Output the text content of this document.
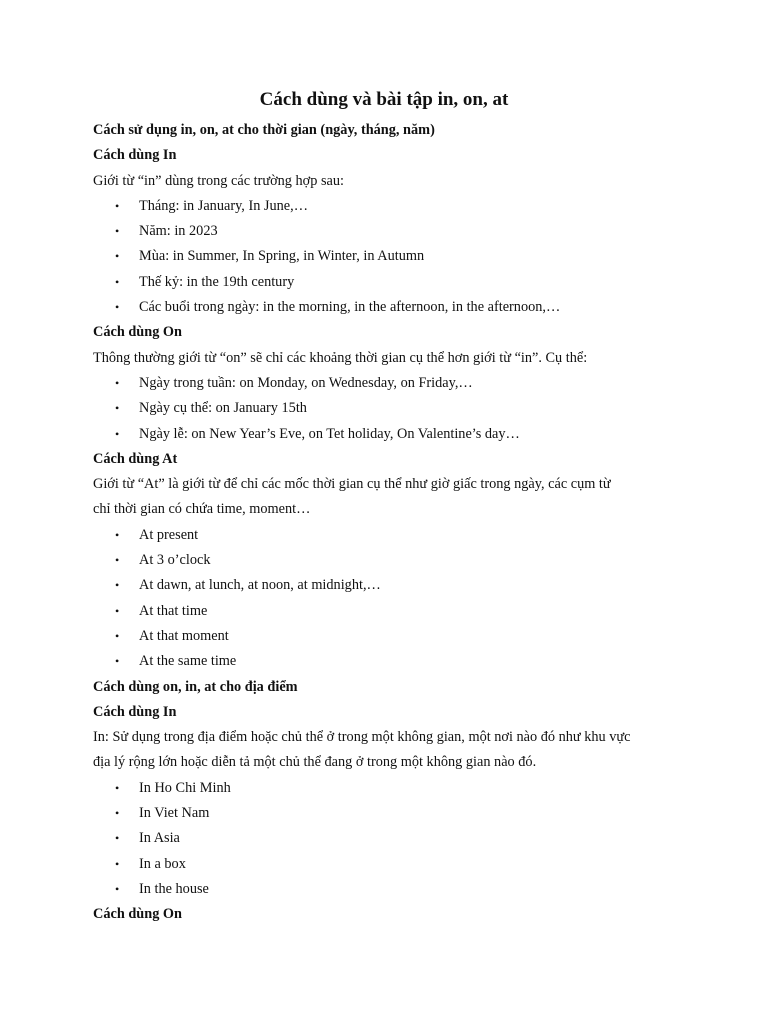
Cách dùng và bài tập in, on, at

Cách sử dụng in, on, at cho thời gian (ngày, tháng, năm)

Cách dùng In

Giới từ “in” dùng trong các trường hợp sau:

• Tháng: in January, In June,…
• Năm: in 2023
• Mùa: in Summer, In Spring, in Winter, in Autumn
• Thế kỷ: in the 19th century
• Các buổi trong ngày: in the morning, in the afternoon, in the afternoon,…

Cách dùng On

Thông thường giới từ “on” sẽ chỉ các khoảng thời gian cụ thể hơn giới từ “in”. Cụ thể:

• Ngày trong tuần: on Monday, on Wednesday, on Friday,…
• Ngày cụ thể: on January 15th
• Ngày lễ: on New Year’s Eve, on Tet holiday, On Valentine’s day…

Cách dùng At

Giới từ “At” là giới từ để chỉ các mốc thời gian cụ thể như giờ giấc trong ngày, các cụm từ

chỉ thời gian có chứa time, moment…

• At present
• At 3 o’clock
• At dawn, at lunch, at noon, at midnight,…
• At that time
• At that moment
• At the same time

Cách dùng on, in, at cho địa điểm

Cách dùng In

In: Sử dụng trong địa điểm hoặc chủ thể ở trong một không gian, một nơi nào đó như khu vực

địa lý rộng lớn hoặc diễn tả một chủ thể đang ở trong một không gian nào đó.

• In Ho Chi Minh
• In Viet Nam
• In Asia
• In a box
• In the house

Cách dùng On
